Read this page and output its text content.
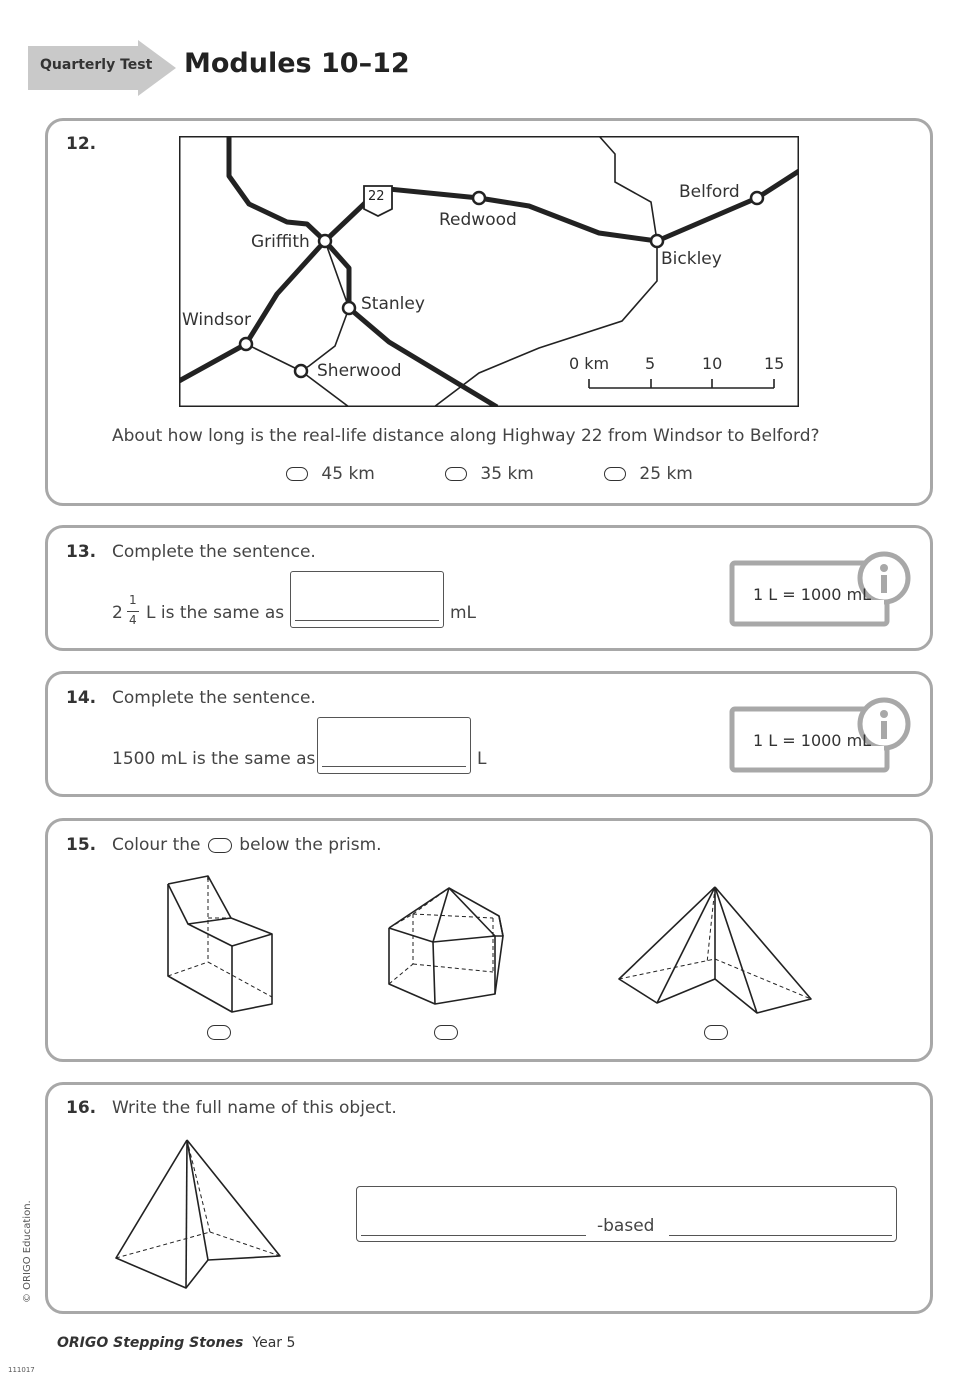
Quarterly Test Modules 10–12
12.
22
Griffith
Redwood
Belford
Bickley
Stanley
Windsor
Sherwood	0 km 5	10	15
About how long is the real-life distance along Highway 22 from Windsor to Belford?
45 km	35 km	25 km
13. Complete the sentence.
2
1
4 L is the same as	mL
1 L = 1000 mL
14. Complete the sentence.
1500 mL is the same as	L
1 L = 1000 mL
15. Colour the below the prism.
16. Write the full name of this object.
-based
© ORIGO Education.
ORIGO Stepping Stones Year 5
111017
